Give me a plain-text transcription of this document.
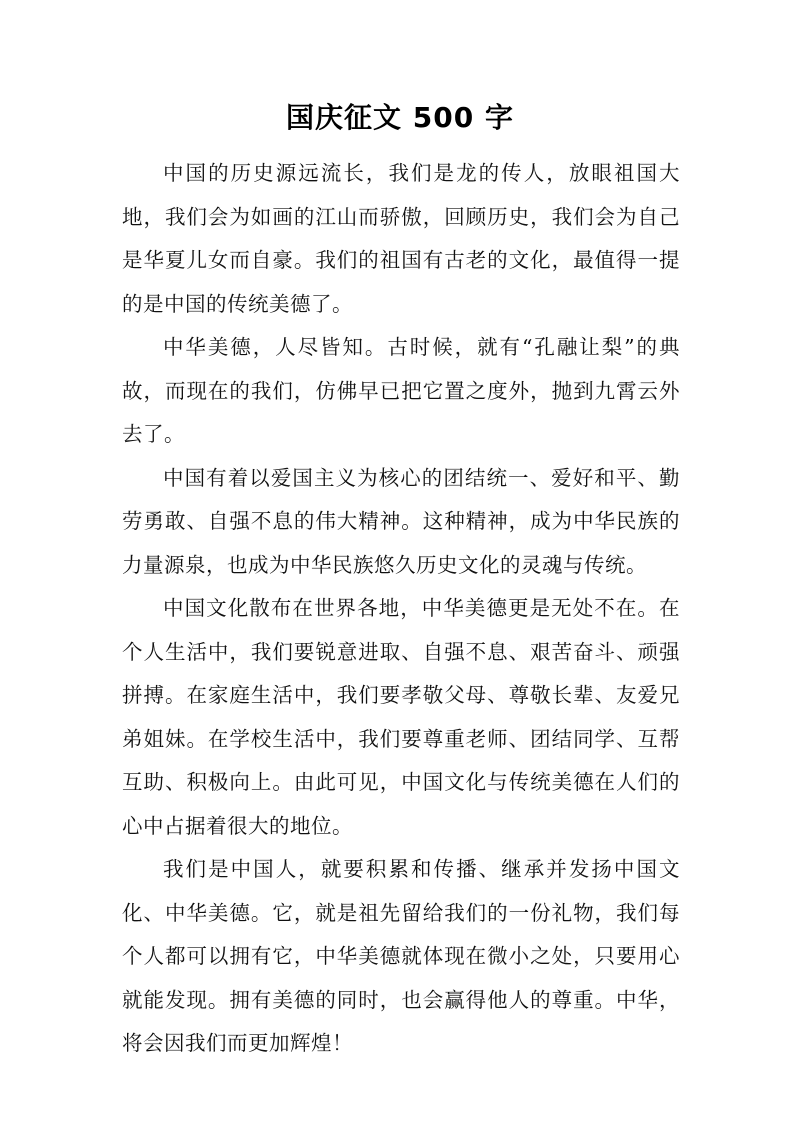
国庆征文 500 字

中国的历史源远流长，我们是龙的传人，放眼祖国大地，我们会为如画的江山而骄傲，回顾历史，我们会为自己是华夏儿女而自豪。我们的祖国有古老的文化，最值得一提的是中国的传统美德了。

中华美德，人尽皆知。古时候，就有“孔融让梨”的典故，而现在的我们，仿佛早已把它置之度外，抛到九霄云外去了。

中国有着以爱国主义为核心的团结统一、爱好和平、勤劳勇敢、自强不息的伟大精神。这种精神，成为中华民族的力量源泉，也成为中华民族悠久历史文化的灵魂与传统。

中国文化散布在世界各地，中华美德更是无处不在。在个人生活中，我们要锐意进取、自强不息、艰苦奋斗、顽强拼搏。在家庭生活中，我们要孝敬父母、尊敬长辈、友爱兄弟姐妹。在学校生活中，我们要尊重老师、团结同学、互帮互助、积极向上。由此可见，中国文化与传统美德在人们的心中占据着很大的地位。

我们是中国人，就要积累和传播、继承并发扬中国文化、中华美德。它，就是祖先留给我们的一份礼物，我们每个人都可以拥有它，中华美德就体现在微小之处，只要用心就能发现。拥有美德的同时，也会赢得他人的尊重。中华，将会因我们而更加辉煌！
